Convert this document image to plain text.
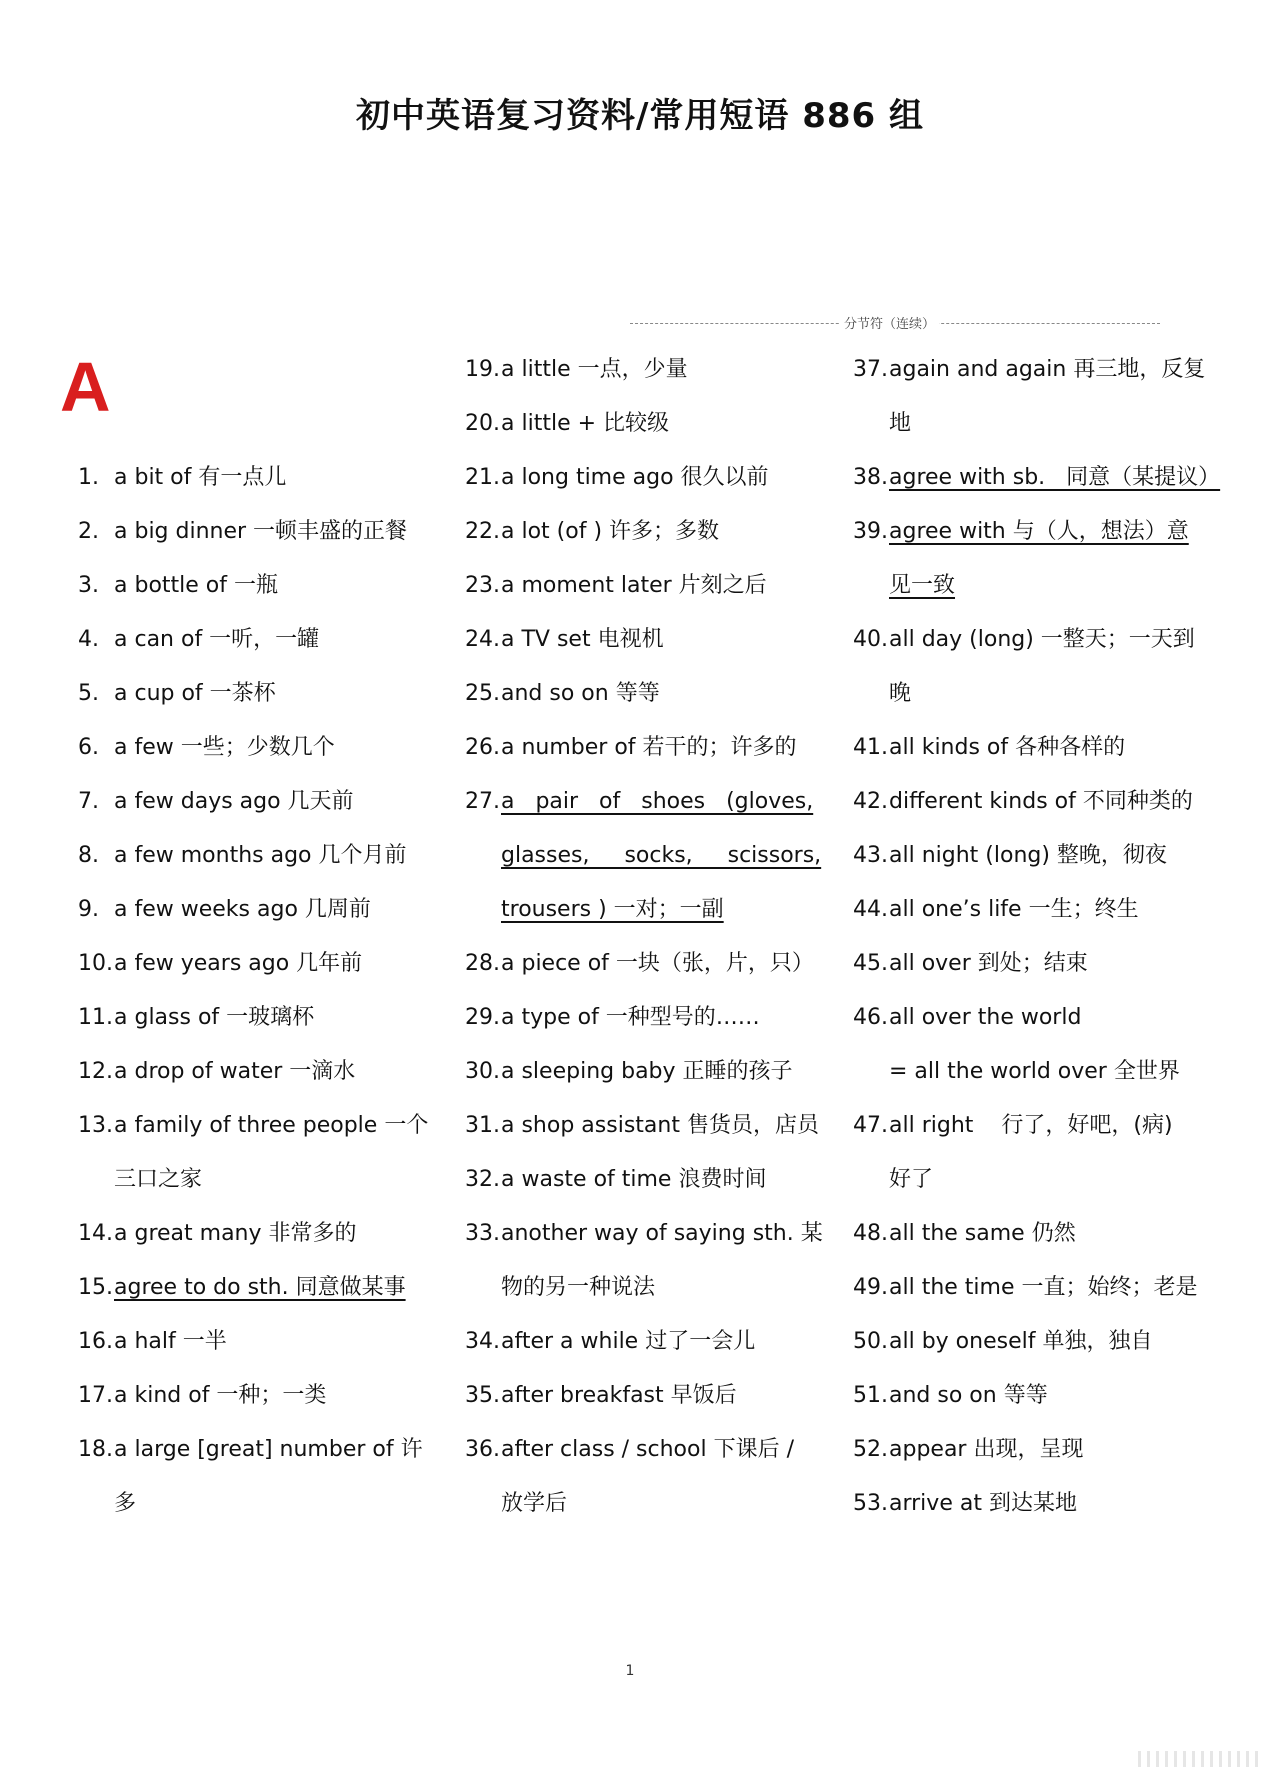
初中英语复习资料/常用短语 886 组
分节符（连续）
A
1. a bit of 有一点儿
2. a big dinner 一顿丰盛的正餐
3. a bottle of 一瓶
4. a can of 一听，一罐
5. a cup of 一茶杯
6. a few 一些；少数几个
7. a few days ago 几天前
8. a few months ago 几个月前
9. a few weeks ago 几周前
10. a few years ago 几年前
11. a glass of 一玻璃杯
12. a drop of water 一滴水
13. a family of three people 一个
三口之家
14. a great many 非常多的
15. agree to do sth. 同意做某事
16. a half 一半
17. a kind of 一种；一类
18. a large [great] number of 许
多
19. a little 一点，少量
20. a little + 比较级
21. a long time ago 很久以前
22. a lot (of ) 许多；多数
23. a moment later 片刻之后
24. a TV set 电视机
25. and so on 等等
26. a number of 若干的；许多的
27. a   pair   of   shoes   (gloves,
glasses,     socks,     scissors,
trousers ) 一对；一副
28. a piece of 一块（张，片，只）
29. a type of 一种型号的……
30. a sleeping baby 正睡的孩子
31. a shop assistant 售货员，店员
32. a waste of time 浪费时间
33. another way of saying sth. 某
物的另一种说法
34. after a while 过了一会儿
35. after breakfast 早饭后
36. after class / school 下课后 /
放学后
37. again and again 再三地，反复
地
38. agree with sb.   同意（某提议）
39. agree with 与（人，想法）意
见一致
40. all day (long) 一整天；一天到
晚
41. all kinds of 各种各样的
42. different kinds of 不同种类的
43. all night (long) 整晚，彻夜
44. all one’s life 一生；终生
45. all over 到处；结束
46. all over the world
= all the world over 全世界
47. all right    行了，好吧，(病)
好了
48. all the same 仍然
49. all the time 一直；始终；老是
50. all by oneself 单独，独自
51. and so on 等等
52. appear 出现，呈现
53. arrive at 到达某地
1
